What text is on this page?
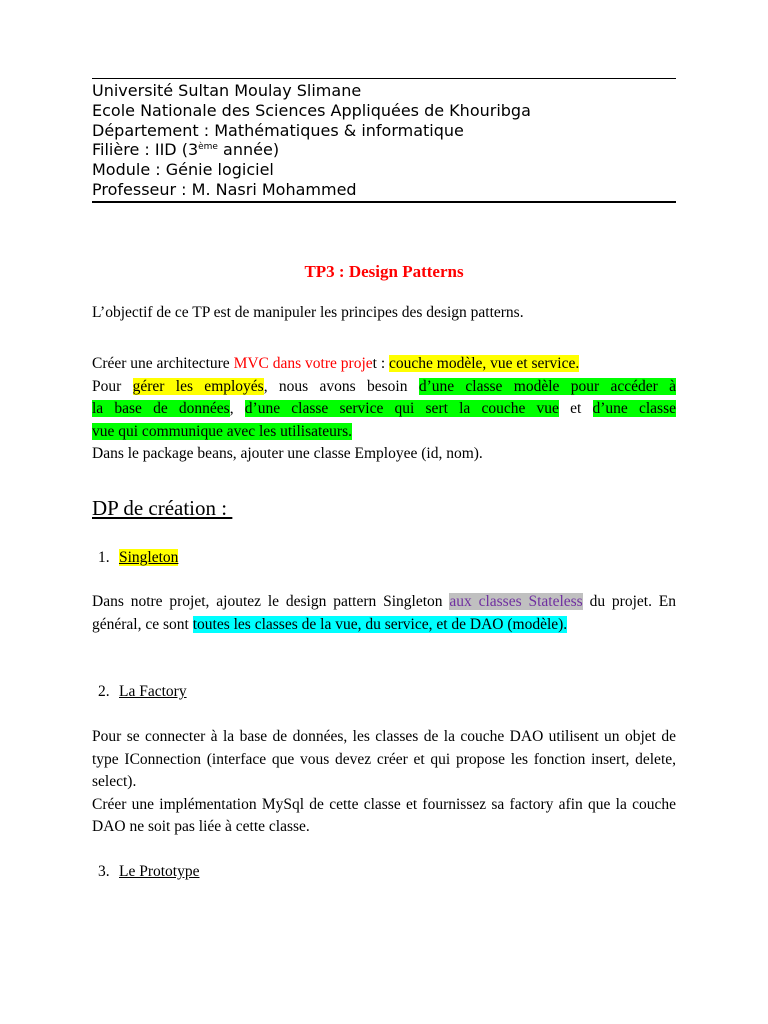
Université Sultan Moulay Slimane
Ecole Nationale des Sciences Appliquées de Khouribga
Département : Mathématiques & informatique
Filière : IID (3ème année)
Module : Génie logiciel
Professeur : M. Nasri Mohammed
TP3 : Design Patterns
L’objectif de ce TP est de manipuler les principes des design patterns.
Créer une architecture MVC dans votre projet : couche modèle, vue et service.
Pour gérer les employés, nous avons besoin d’une classe modèle pour accéder à
la base de données, d’une classe service qui sert la couche vue et d’une classe
vue qui communique avec les utilisateurs.
Dans le package beans, ajouter une classe Employee (id, nom).
DP de création :
1. Singleton
Dans notre projet, ajoutez le design pattern Singleton aux classes Stateless du projet. En général, ce sont toutes les classes de la vue, du service, et de DAO (modèle).
2. La Factory
Pour se connecter à la base de données, les classes de la couche DAO utilisent un objet de type IConnection (interface que vous devez créer et qui propose les fonction insert, delete, select).
Créer une implémentation MySql de cette classe et fournissez sa factory afin que la couche DAO ne soit pas liée à cette classe.
3. Le Prototype
